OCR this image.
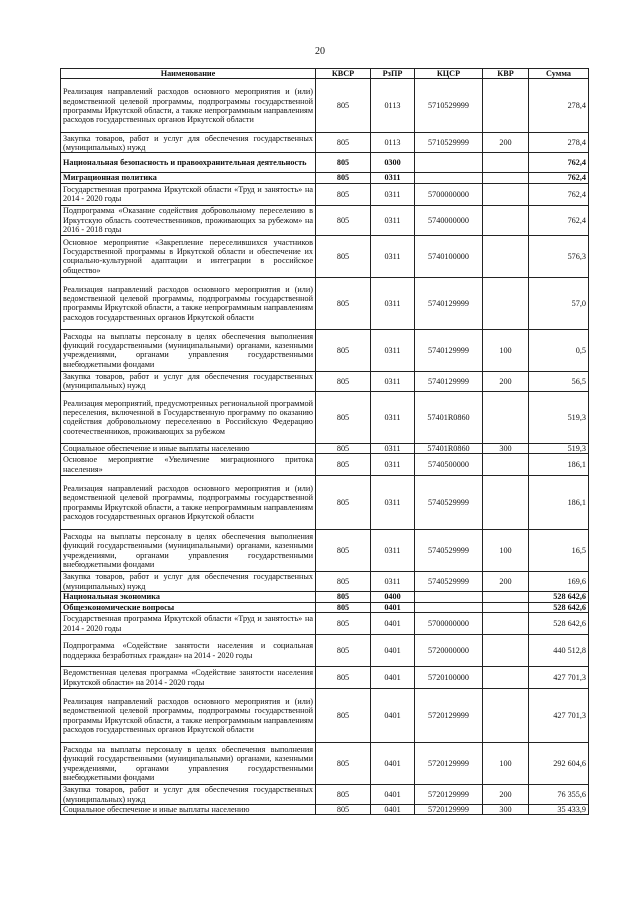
20
Наименование	КВСР	РзПР	КЦСР	КВР	Сумма
Реализация направлений расходов основного мероприятия и (или) ведомственной целевой программы, подпрограммы государственной программы Иркутской области, а также непрограммным направлениям расходов государственных органов Иркутской области	805	0113	5710529999		278,4
Закупка товаров, работ и услуг для обеспечения государственных (муниципальных) нужд	805	0113	5710529999	200	278,4
Национальная безопасность и правоохранительная деятельность	805	0300			762,4
Миграционная политика	805	0311			762,4
Государственная программа Иркутской области «Труд и занятость» на 2014 - 2020 годы	805	0311	5700000000		762,4
Подпрограмма «Оказание содействия добровольному переселению в Иркутскую область соотечественников, проживающих за рубежом» на 2016 - 2018 годы	805	0311	5740000000		762,4
Основное мероприятие «Закрепление переселившихся участников Государственной программы в Иркутской области и обеспечение их социально-культурной адаптации и интеграции в российское общество»	805	0311	5740100000		576,3
Реализация направлений расходов основного мероприятия и (или) ведомственной целевой программы, подпрограммы государственной программы Иркутской области, а также непрограммным направлениям расходов государственных органов Иркутской области	805	0311	5740129999		57,0
Расходы на выплаты персоналу в целях обеспечения выполнения функций государственными (муниципальными) органами, казенными учреждениями, органами управления государственными внебюджетными фондами	805	0311	5740129999	100	0,5
Закупка товаров, работ и услуг для обеспечения государственных (муниципальных) нужд	805	0311	5740129999	200	56,5
Реализация мероприятий, предусмотренных региональной программой переселения, включенной в Государственную программу по оказанию содействия добровольному переселению в Российскую Федерацию соотечественников, проживающих за рубежом	805	0311	57401R0860		519,3
Социальное обеспечение и иные выплаты населению	805	0311	57401R0860	300	519,3
Основное мероприятие «Увеличение миграционного притока населения»	805	0311	5740500000		186,1
Реализация направлений расходов основного мероприятия и (или) ведомственной целевой программы, подпрограммы государственной программы Иркутской области, а также непрограммным направлениям расходов государственных органов Иркутской области	805	0311	5740529999		186,1
Расходы на выплаты персоналу в целях обеспечения выполнения функций государственными (муниципальными) органами, казенными учреждениями, органами управления государственными внебюджетными фондами	805	0311	5740529999	100	16,5
Закупка товаров, работ и услуг для обеспечения государственных (муниципальных) нужд	805	0311	5740529999	200	169,6
Национальная экономика	805	0400			528 642,6
Общеэкономические вопросы	805	0401			528 642,6
Государственная программа Иркутской области «Труд и занятость» на 2014 - 2020 годы	805	0401	5700000000		528 642,6
Подпрограмма «Содействие занятости населения и социальная поддержка безработных граждан» на 2014 - 2020 годы	805	0401	5720000000		440 512,8
Ведомственная целевая программа «Содействие занятости населения Иркутской области» на 2014 - 2020 годы	805	0401	5720100000		427 701,3
Реализация направлений расходов основного мероприятия и (или) ведомственной целевой программы, подпрограммы государственной программы Иркутской области, а также непрограммным направлениям расходов государственных органов Иркутской области	805	0401	5720129999		427 701,3
Расходы на выплаты персоналу в целях обеспечения выполнения функций государственными (муниципальными) органами, казенными учреждениями, органами управления государственными внебюджетными фондами	805	0401	5720129999	100	292 604,6
Закупка товаров, работ и услуг для обеспечения государственных (муниципальных) нужд	805	0401	5720129999	200	76 355,6
Социальное обеспечение и иные выплаты населению	805	0401	5720129999	300	35 433,9
